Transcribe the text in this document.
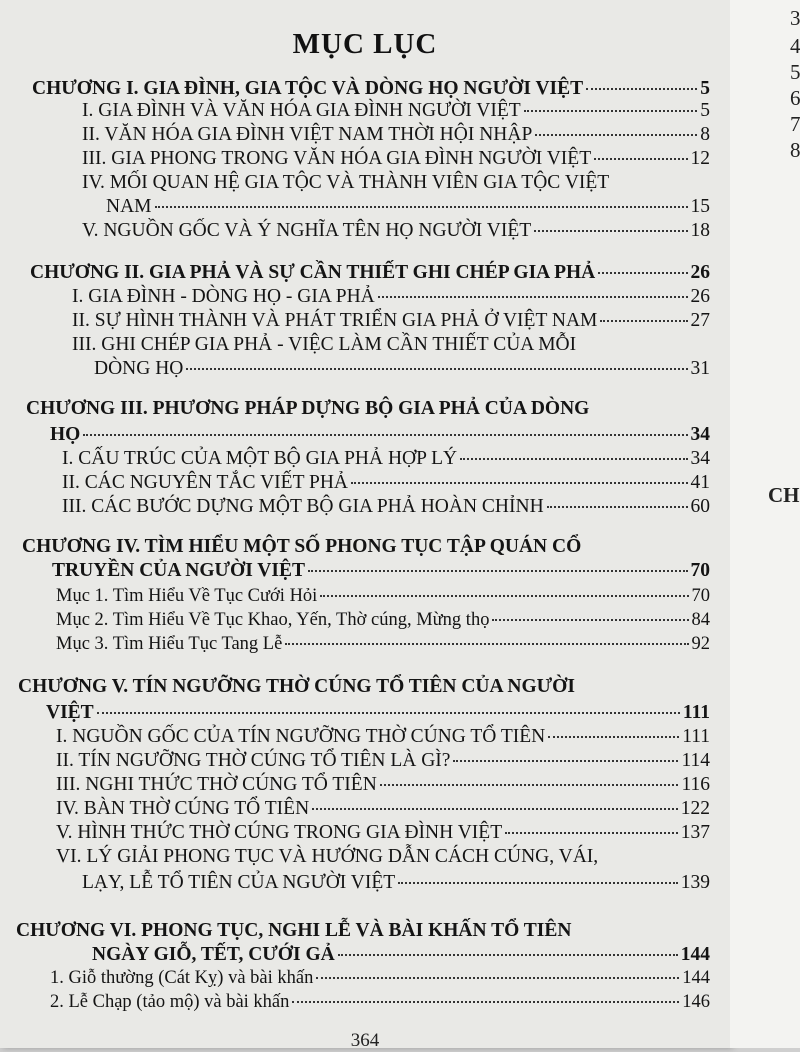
MỤC LỤC
CHƯƠNG I. GIA ĐÌNH, GIA TỘC VÀ DÒNG HỌ NGƯỜI VIỆT	5
I. GIA ĐÌNH VÀ VĂN HÓA GIA ĐÌNH NGƯỜI VIỆT	5
II. VĂN HÓA GIA ĐÌNH VIỆT NAM THỜI HỘI NHẬP	8
III. GIA PHONG TRONG VĂN HÓA GIA ĐÌNH NGƯỜI VIỆT	12
IV. MỐI QUAN HỆ GIA TỘC VÀ THÀNH VIÊN GIA TỘC VIỆT
NAM	15
V. NGUỒN GỐC VÀ Ý NGHĨA TÊN HỌ NGƯỜI VIỆT	18
CHƯƠNG II. GIA PHẢ VÀ SỰ CẦN THIẾT GHI CHÉP GIA PHẢ	26
I. GIA ĐÌNH - DÒNG HỌ - GIA PHẢ	26
II. SỰ HÌNH THÀNH VÀ PHÁT TRIỂN GIA PHẢ Ở VIỆT NAM	27
III. GHI CHÉP GIA PHẢ - VIỆC LÀM CẦN THIẾT CỦA MỖI
DÒNG HỌ	31
CHƯƠNG III. PHƯƠNG PHÁP DỰNG BỘ GIA PHẢ CỦA DÒNG
HỌ	34
I. CẤU TRÚC CỦA MỘT BỘ GIA PHẢ HỢP LÝ	34
II. CÁC NGUYÊN TẮC VIẾT PHẢ	41
III. CÁC BƯỚC DỰNG MỘT BỘ GIA PHẢ HOÀN CHỈNH	60
CHƯƠNG IV. TÌM HIỂU MỘT SỐ PHONG TỤC TẬP QUÁN CỔ
TRUYỀN CỦA NGƯỜI VIỆT	70
Mục 1. Tìm Hiểu Về Tục Cưới Hỏi	70
Mục 2. Tìm Hiểu Về Tục Khao, Yến, Thờ cúng, Mừng thọ	84
Mục 3. Tìm Hiểu Tục Tang Lễ	92
CHƯƠNG V. TÍN NGƯỠNG THỜ CÚNG TỔ TIÊN CỦA NGƯỜI
VIỆT	111
I. NGUỒN GỐC CỦA TÍN NGƯỠNG THỜ CÚNG TỔ TIÊN	111
II. TÍN NGƯỠNG THỜ CÚNG TỔ TIÊN LÀ GÌ?	114
III. NGHI THỨC THỜ CÚNG TỔ TIÊN	116
IV. BÀN THỜ CÚNG TỔ TIÊN	122
V. HÌNH THỨC THỜ CÚNG TRONG GIA ĐÌNH VIỆT	137
VI. LÝ GIẢI PHONG TỤC VÀ HƯỚNG DẪN CÁCH CÚNG, VÁI,
LẠY, LỄ TỔ TIÊN CỦA NGƯỜI VIỆT	139
CHƯƠNG VI. PHONG TỤC, NGHI LỄ VÀ BÀI KHẤN TỔ TIÊN
NGÀY GIỖ, TẾT, CƯỚI GẢ	144
1. Giỗ thường (Cát Kỵ) và bài khấn	144
2. Lễ Chạp (tảo mộ) và bài khấn	146
364
3
4
5
6
7
8
CH
